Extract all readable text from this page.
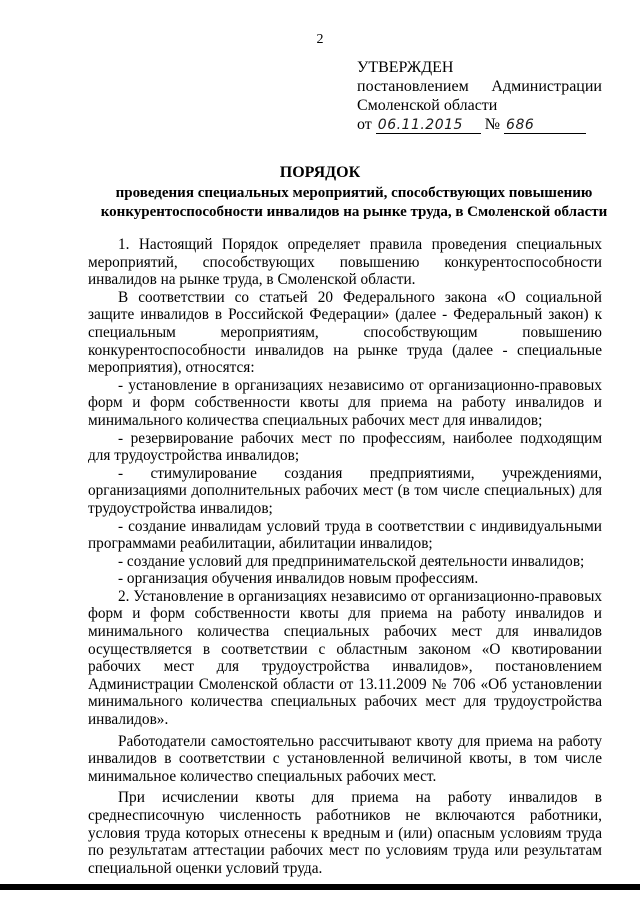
2
УТВЕРЖДЕН
постановлением Администрации
Смоленской области
от 06.11.2015 № 686
ПОРЯДОК
проведения специальных мероприятий, способствующих повышению конкурентоспособности инвалидов на рынке труда, в Смоленской области

1. Настоящий Порядок определяет правила проведения специальных мероприятий, способствующих повышению конкурентоспособности инвалидов на рынке труда, в Смоленской области.

В соответствии со статьей 20 Федерального закона «О социальной защите инвалидов в Российской Федерации» (далее - Федеральный закон) к специальным мероприятиям, способствующим повышению конкурентоспособности инвалидов на рынке труда (далее - специальные мероприятия), относятся:

- установление в организациях независимо от организационно-правовых форм и форм собственности квоты для приема на работу инвалидов и минимального количества специальных рабочих мест для инвалидов;

- резервирование рабочих мест по профессиям, наиболее подходящим для трудоустройства инвалидов;

- стимулирование создания предприятиями, учреждениями, организациями дополнительных рабочих мест (в том числе специальных) для трудоустройства инвалидов;

- создание инвалидам условий труда в соответствии с индивидуальными программами реабилитации, абилитации инвалидов;

- создание условий для предпринимательской деятельности инвалидов;

- организация обучения инвалидов новым профессиям.

2. Установление в организациях независимо от организационно-правовых форм и форм собственности квоты для приема на работу инвалидов и минимального количества специальных рабочих мест для инвалидов осуществляется в соответствии с областным законом «О квотировании рабочих мест для трудоустройства инвалидов», постановлением Администрации Смоленской области от 13.11.2009 № 706 «Об установлении минимального количества специальных рабочих мест для трудоустройства инвалидов».

Работодатели самостоятельно рассчитывают квоту для приема на работу инвалидов в соответствии с установленной величиной квоты, в том числе минимальное количество специальных рабочих мест.

При исчислении квоты для приема на работу инвалидов в среднесписочную численность работников не включаются работники, условия труда которых отнесены к вредным и (или) опасным условиям труда по результатам аттестации рабочих мест по условиям труда или результатам специальной оценки условий труда.
